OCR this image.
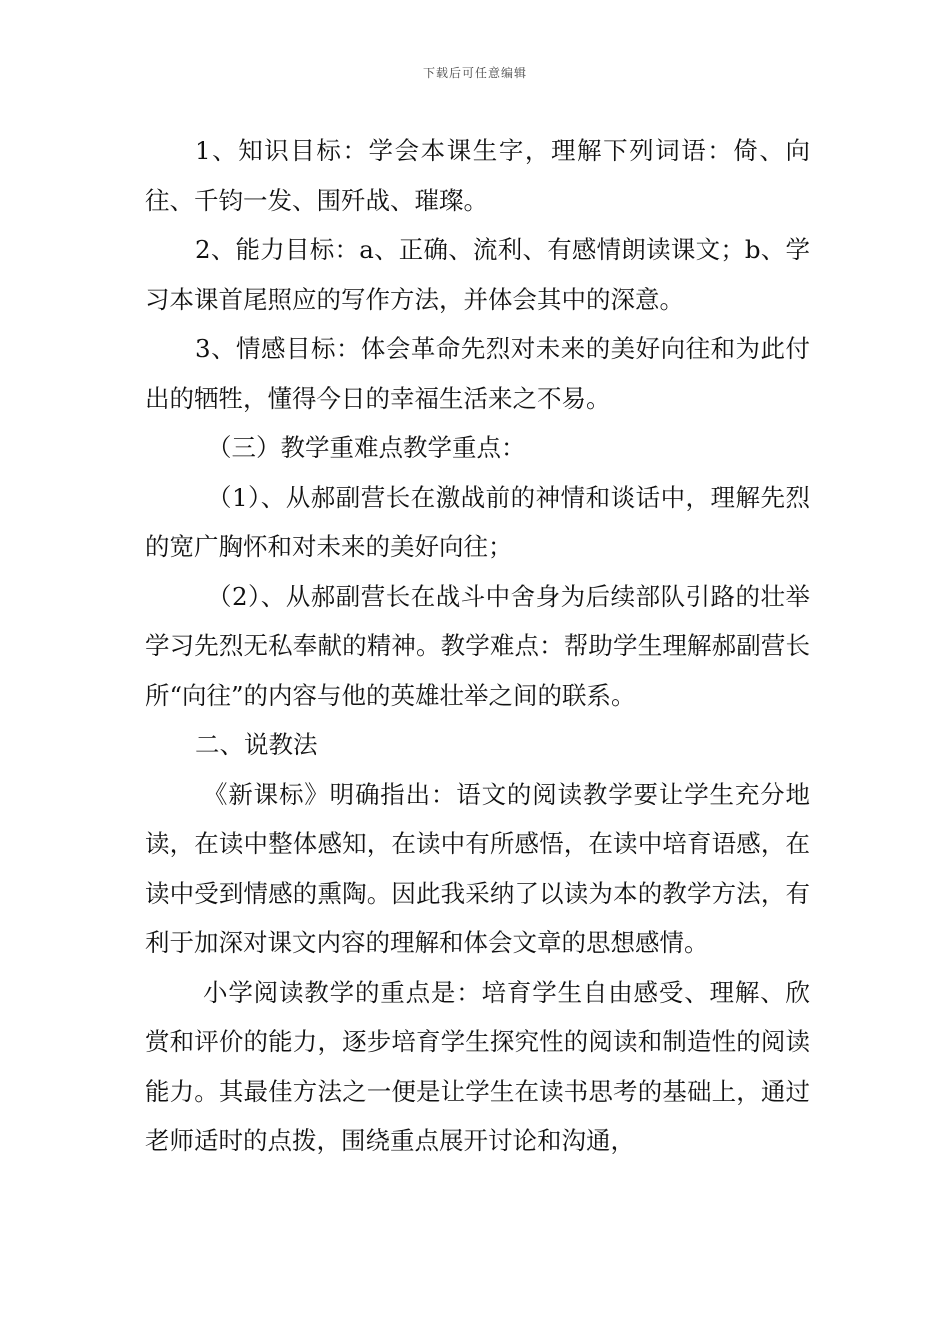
下载后可任意编辑

1、知识目标：学会本课生字，理解下列词语：倚、向往、千钧一发、围歼战、璀璨。

2、能力目标：a、正确、流利、有感情朗读课文；b、学习本课首尾照应的写作方法，并体会其中的深意。

3、情感目标：体会革命先烈对未来的美好向往和为此付出的牺牲，懂得今日的幸福生活来之不易。

（三）教学重难点教学重点：

（1）、从郝副营长在激战前的神情和谈话中，理解先烈的宽广胸怀和对未来的美好向往；

（2）、从郝副营长在战斗中舍身为后续部队引路的壮举学习先烈无私奉献的精神。教学难点：帮助学生理解郝副营长所“向往”的内容与他的英雄壮举之间的联系。

二、说教法

《新课标》明确指出：语文的阅读教学要让学生充分地读，在读中整体感知，在读中有所感悟，在读中培育语感，在读中受到情感的熏陶。因此我采纳了以读为本的教学方法，有利于加深对课文内容的理解和体会文章的思想感情。

小学阅读教学的重点是：培育学生自由感受、理解、欣赏和评价的能力，逐步培育学生探究性的阅读和制造性的阅读能力。其最佳方法之一便是让学生在读书思考的基础上，通过老师适时的点拨，围绕重点展开讨论和沟通，
